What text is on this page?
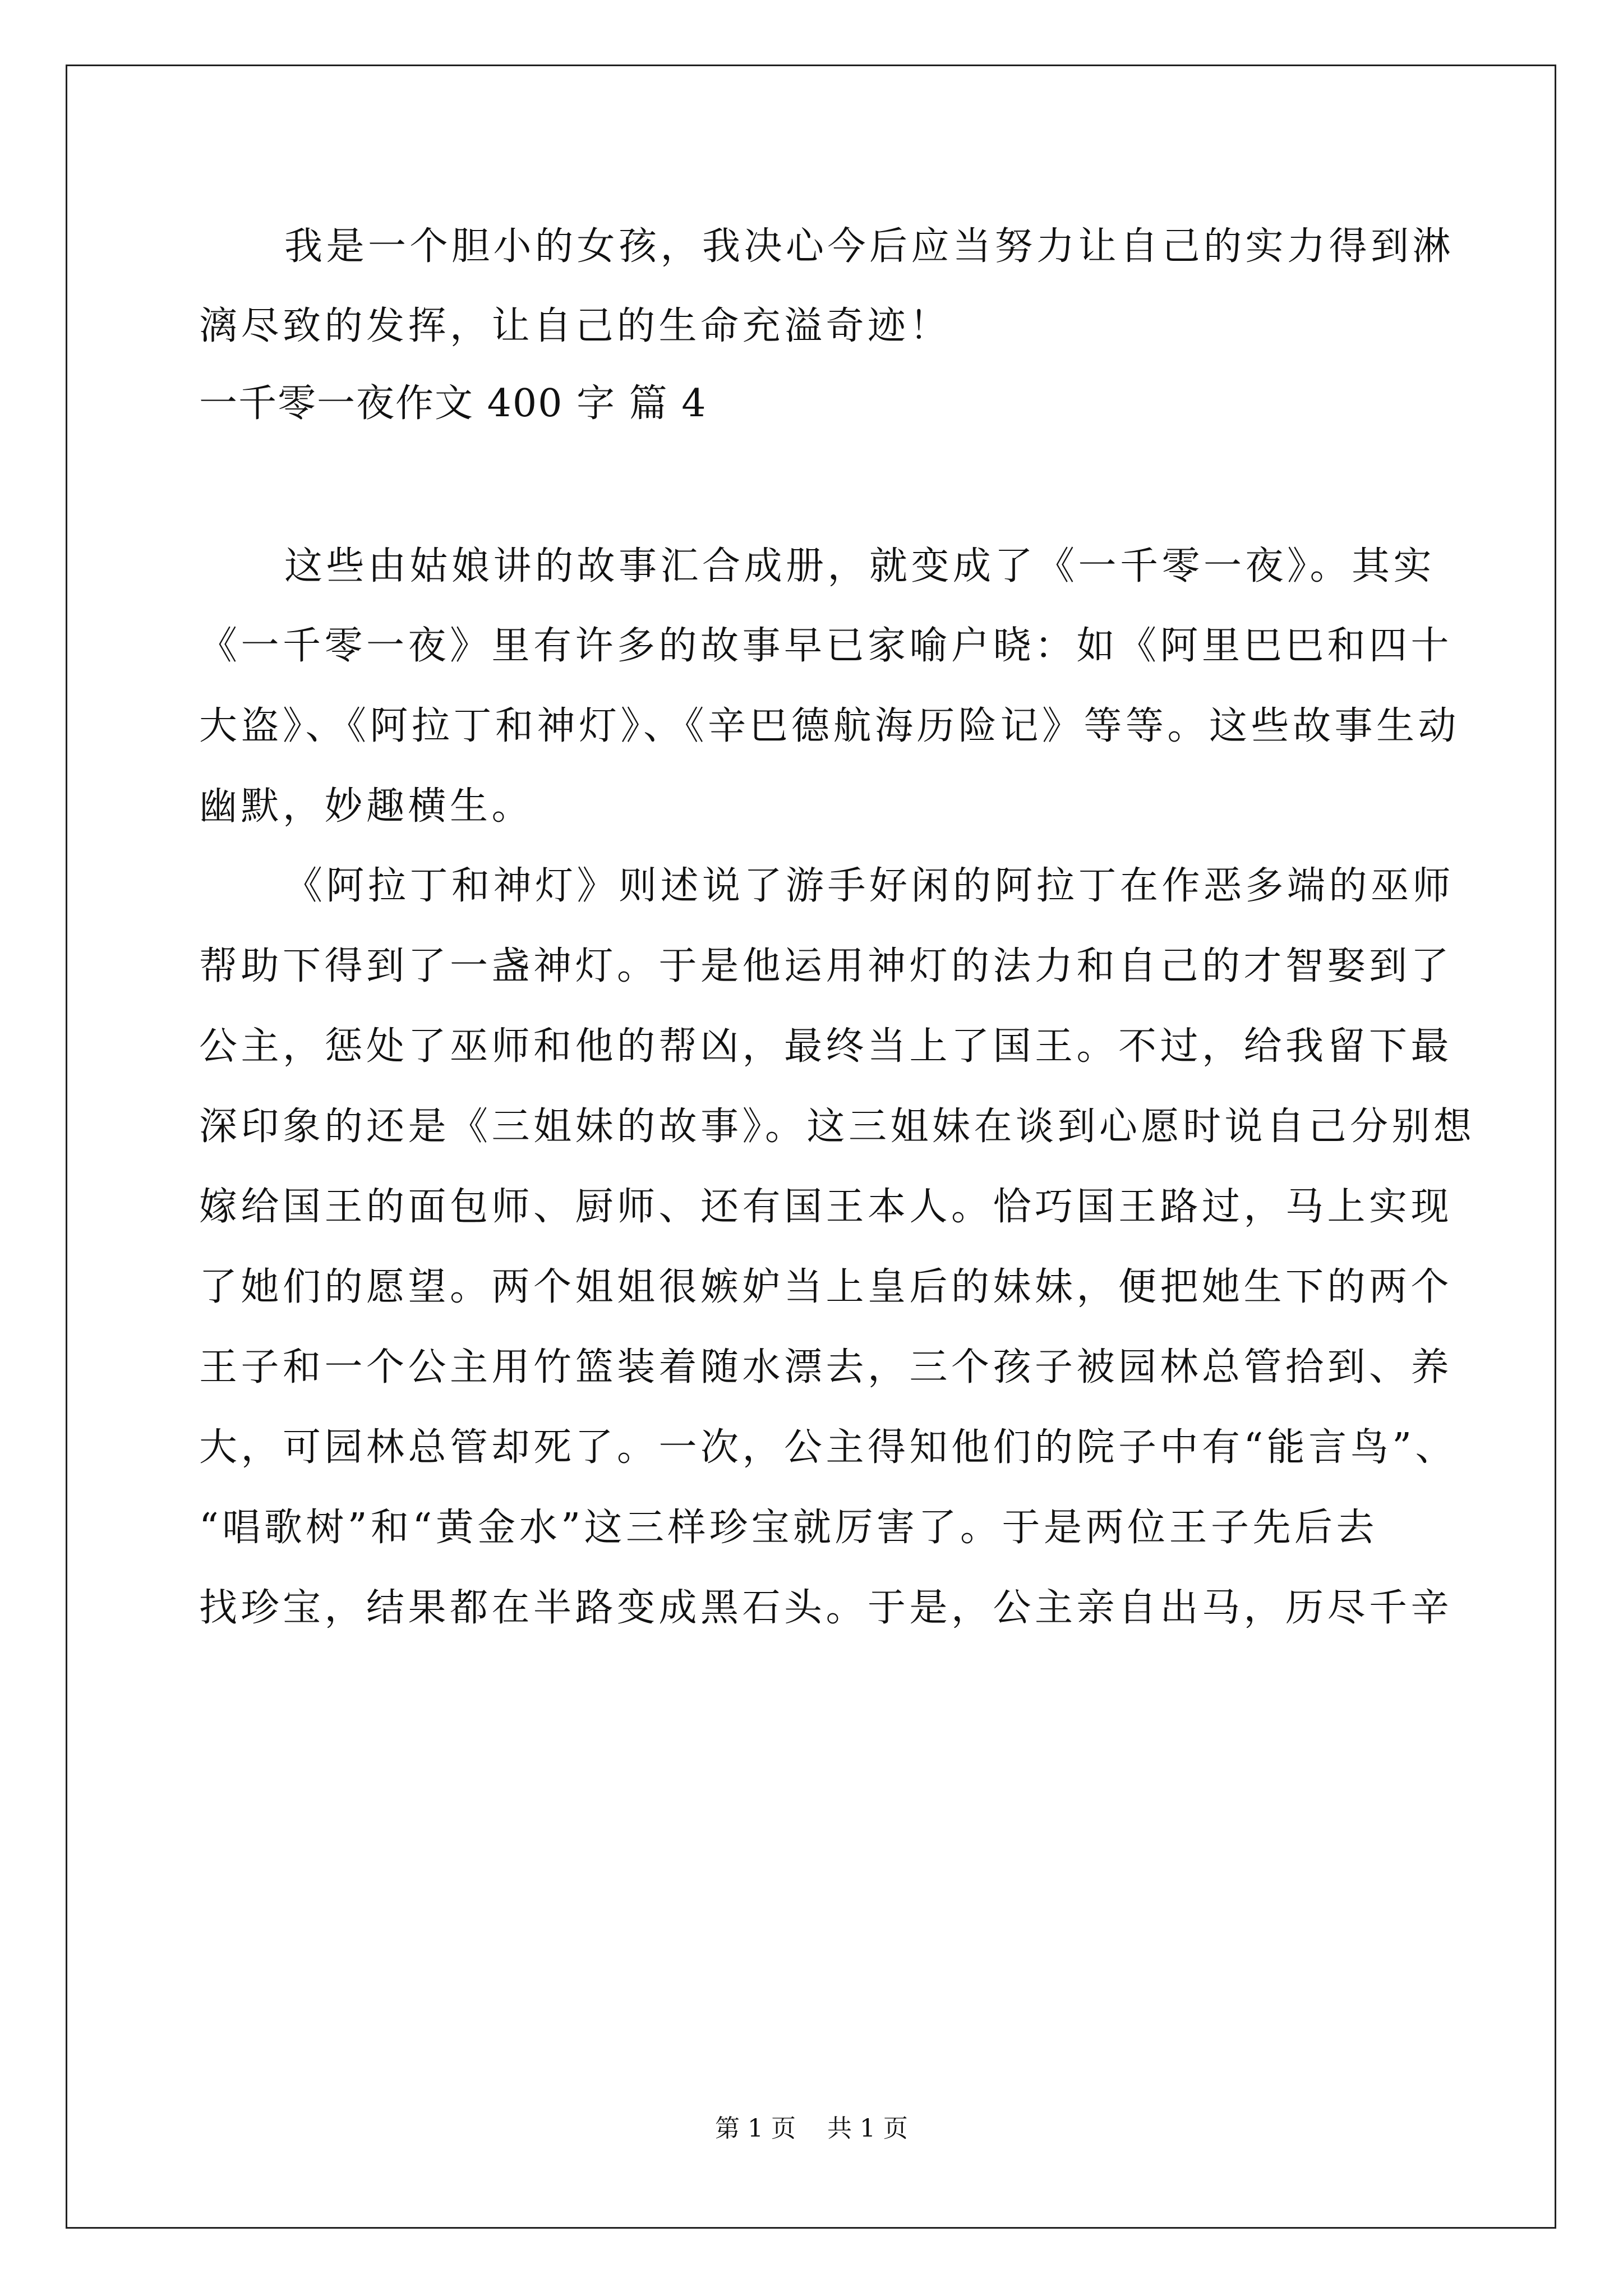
我是一个胆小的女孩，我决心今后应当努力让自己的实力得到淋
漓尽致的发挥，让自己的生命充溢奇迹！
一千零一夜作文 400 字 篇 4
这些由姑娘讲的故事汇合成册，就变成了《一千零一夜》。其实
《一千零一夜》里有许多的故事早已家喻户晓：如《阿里巴巴和四十
大盗》、《阿拉丁和神灯》、《辛巴德航海历险记》等等。这些故事生动
幽默，妙趣横生。
《阿拉丁和神灯》则述说了游手好闲的阿拉丁在作恶多端的巫师
帮助下得到了一盏神灯。于是他运用神灯的法力和自己的才智娶到了
公主，惩处了巫师和他的帮凶，最终当上了国王。不过，给我留下最
深印象的还是《三姐妹的故事》。这三姐妹在谈到心愿时说自己分别想
嫁给国王的面包师、厨师、还有国王本人。恰巧国王路过，马上实现
了她们的愿望。两个姐姐很嫉妒当上皇后的妹妹，便把她生下的两个
王子和一个公主用竹篮装着随水漂去，三个孩子被园林总管拾到、养
大，可园林总管却死了。一次，公主得知他们的院子中有“能言鸟”、
“唱歌树”和“黄金水”这三样珍宝就厉害了。于是两位王子先后去
找珍宝，结果都在半路变成黑石头。于是，公主亲自出马，历尽千辛
第 1 页    共 1 页
